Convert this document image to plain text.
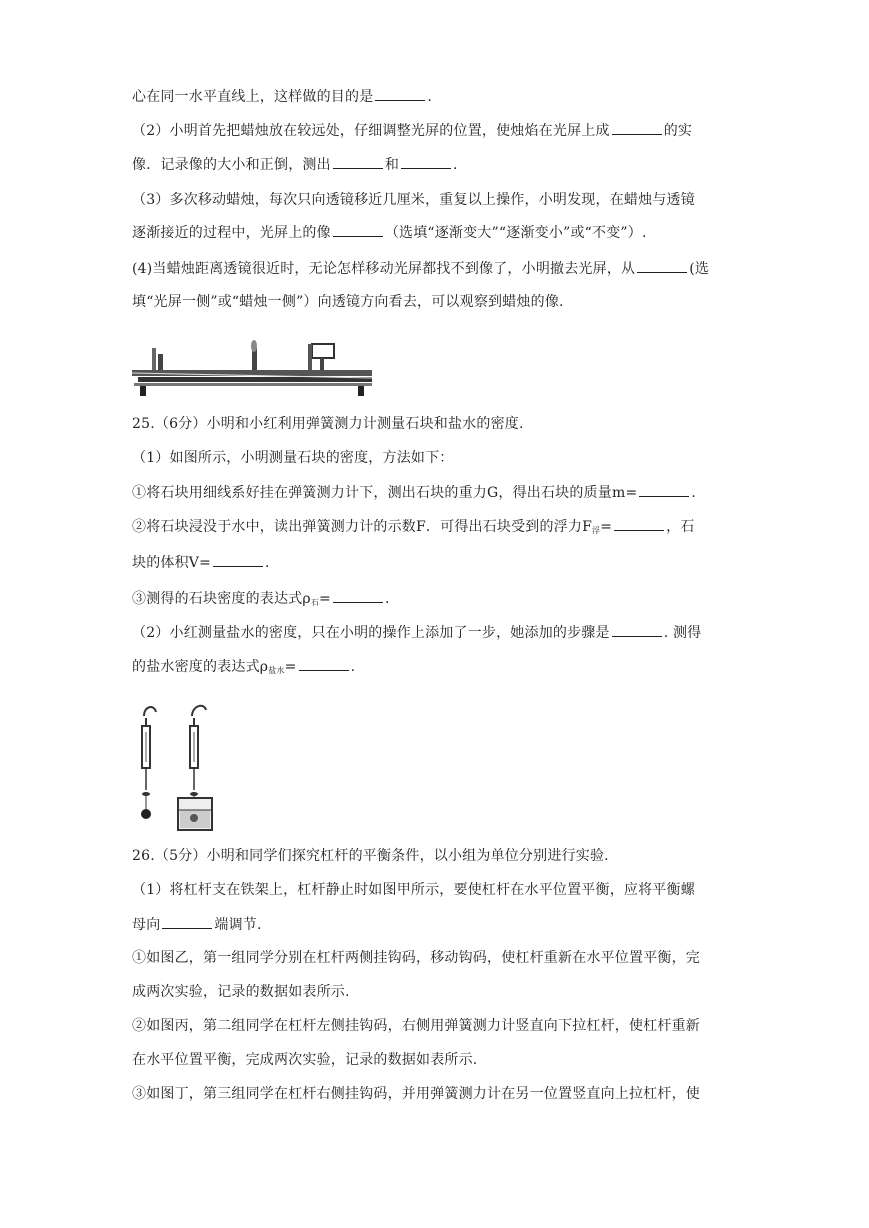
心在同一水平直线上，这样做的目的是	.
（2）小明首先把蜡烛放在较远处，仔细调整光屏的位置，使烛焰在光屏上成	的实
像．记录像的大小和正倒，测出	和	.
（3）多次移动蜡烛，每次只向透镜移近几厘米，重复以上操作，小明发现，在蜡烛与透镜
逐渐接近的过程中，光屏上的像	（选填“逐渐变大”“逐渐变小”或“不变”）.
(4)当蜡烛距离透镜很近时，无论怎样移动光屏都找不到像了，小明撤去光屏，从	(选
填“光屏一侧”或“蜡烛一侧”）向透镜方向看去，可以观察到蜡烛的像.
25.（6分）小明和小红利用弹簧测力计测量石块和盐水的密度.
（1）如图所示，小明测量石块的密度，方法如下：
①将石块用细线系好挂在弹簧测力计下，测出石块的重力G，得出石块的质量m=	.
②将石块浸没于水中，读出弹簧测力计的示数F．可得出石块受到的浮力$F_浮=$	，石
块的体积V=	.
③测得的石块密度的表达式$\rho_石=$	.
（2）小红测量盐水的密度，只在小明的操作上添加了一步，她添加的步骤是	. 测得
的盐水密度的表达式$\rho_{盐水}=$	.
26.（5分）小明和同学们探究杠杆的平衡条件，以小组为单位分别进行实验.
（1）将杠杆支在铁架上，杠杆静止时如图甲所示，要使杠杆在水平位置平衡，应将平衡螺
母向	端调节.
①如图乙，第一组同学分别在杠杆两侧挂钩码，移动钩码，使杠杆重新在水平位置平衡，完
成两次实验，记录的数据如表所示.
②如图丙，第二组同学在杠杆左侧挂钩码，右侧用弹簧测力计竖直向下拉杠杆，使杠杆重新
在水平位置平衡，完成两次实验，记录的数据如表所示.
③如图丁，第三组同学在杠杆右侧挂钩码，并用弹簧测力计在另一位置竖直向上拉杠杆，使
